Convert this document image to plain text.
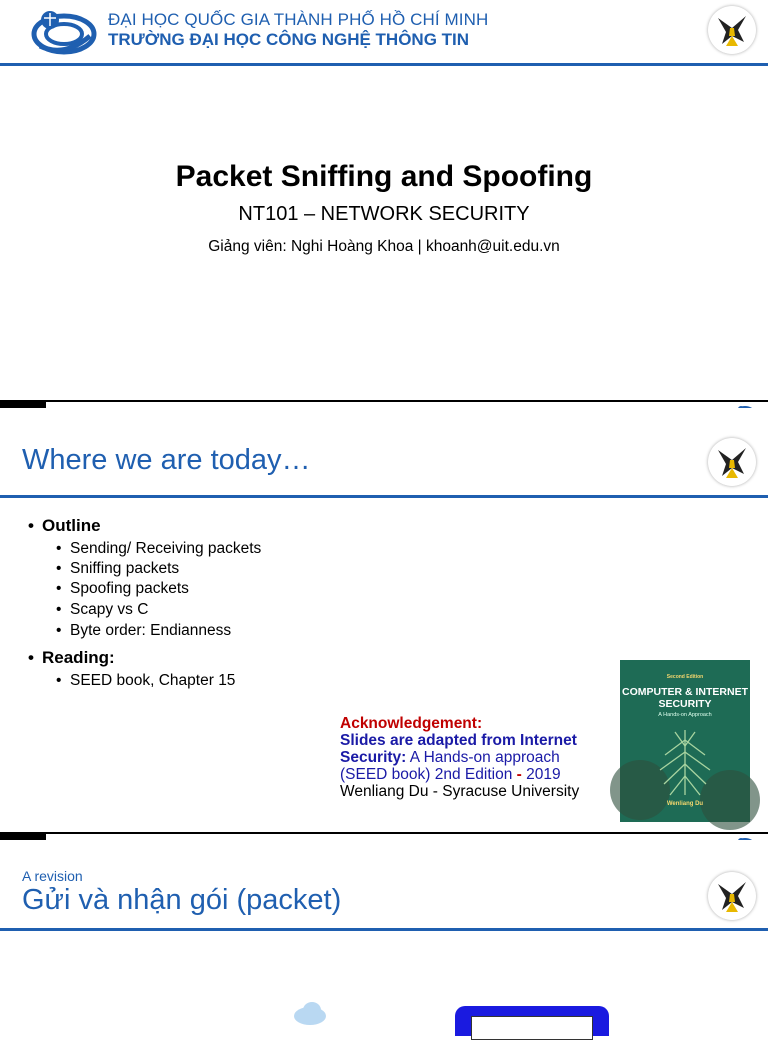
ĐẠI HỌC QUỐC GIA THÀNH PHỐ HỒ CHÍ MINH
TRƯỜNG ĐẠI HỌC CÔNG NGHỆ THÔNG TIN
Packet Sniffing and Spoofing
NT101 – NETWORK SECURITY
Giảng viên: Nghi Hoàng Khoa | khoanh@uit.edu.vn
Where we are today…
• Outline
• Sending/ Receiving packets
• Sniffing packets
• Spoofing packets
• Scapy vs C
• Byte order: Endianness
• Reading:
• SEED book, Chapter 15
Acknowledgement:
Slides are adapted from Internet
Security: A Hands-on approach
(SEED book) 2nd Edition - 2019
Wenliang Du - Syracuse University
Second Edition
COMPUTER & INTERNET
SECURITY
A Hands-on Approach
Wenliang Du
A revision
Gửi và nhận gói (packet)
